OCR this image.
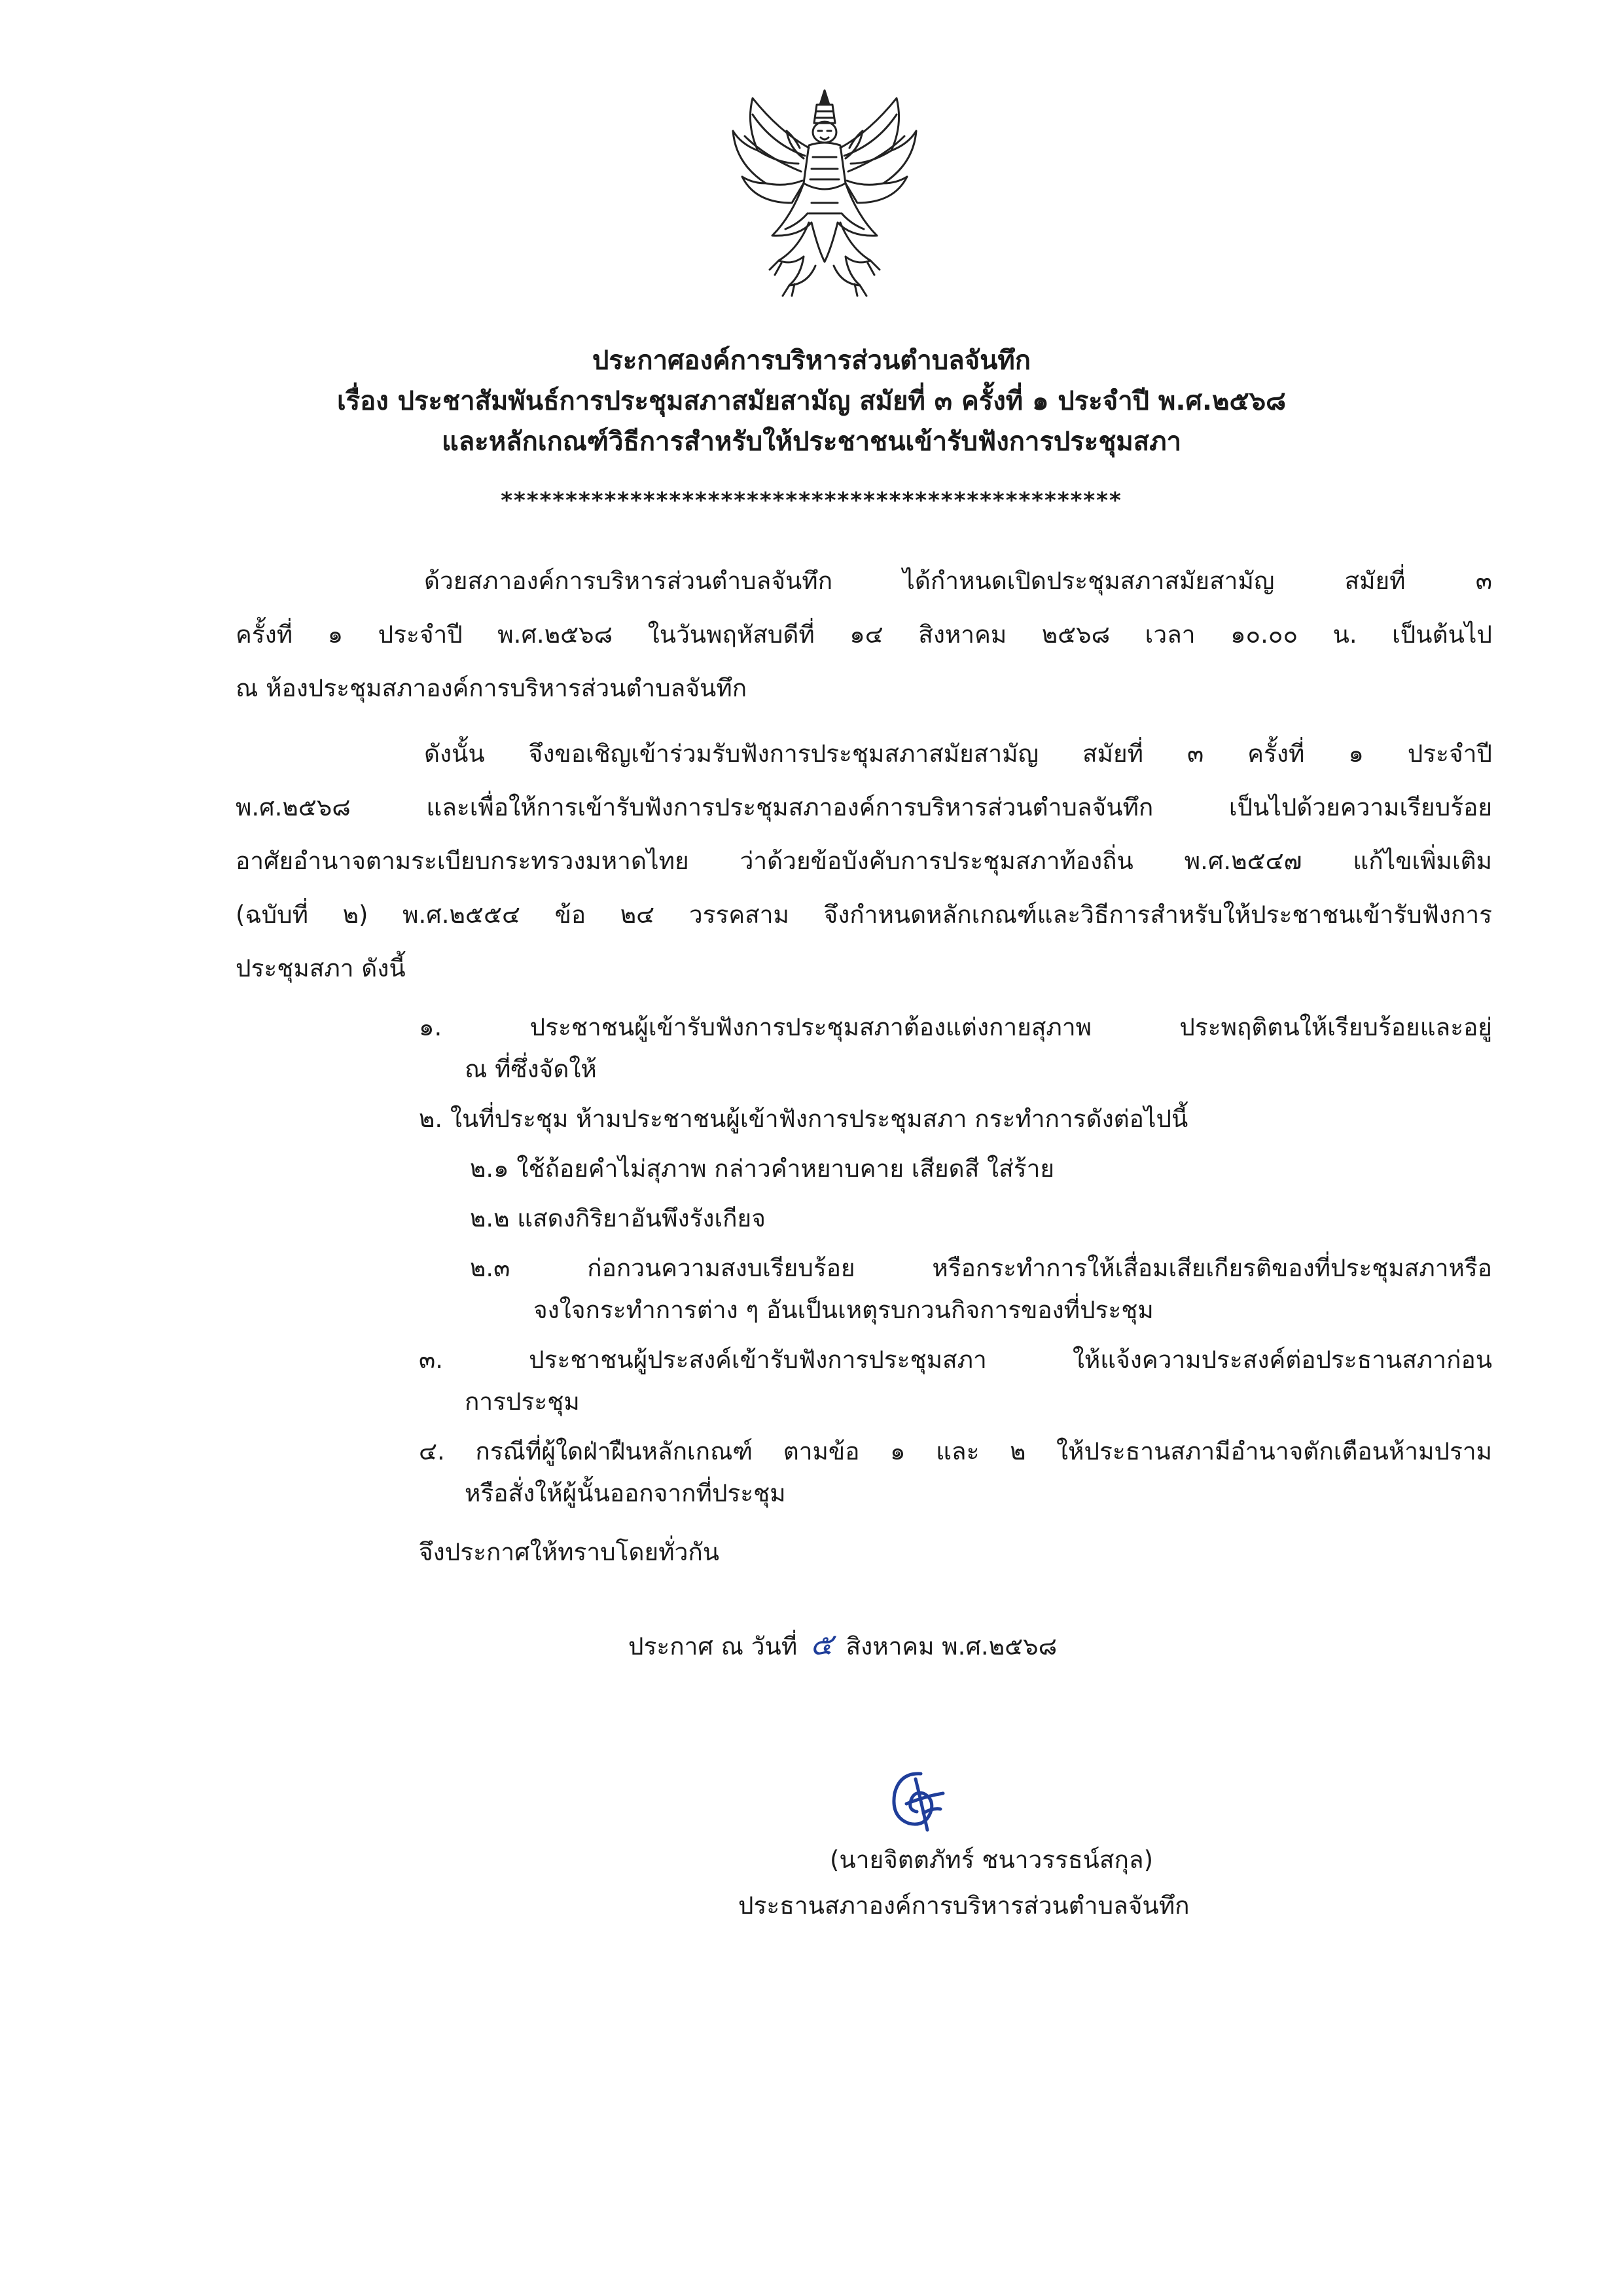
ประกาศองค์การบริหารส่วนตำบลจันทึก
เรื่อง ประชาสัมพันธ์การประชุมสภาสมัยสามัญ สมัยที่ ๓ ครั้งที่ ๑ ประจำปี พ.ศ.๒๕๖๘
และหลักเกณฑ์วิธีการสำหรับให้ประชาชนเข้ารับฟังการประชุมสภา
************************************************
ด้วยสภาองค์การบริหารส่วนตำบลจันทึก ได้กำหนดเปิดประชุมสภาสมัยสามัญ สมัยที่ ๓
ครั้งที่ ๑ ประจำปี พ.ศ.๒๕๖๘ ในวันพฤหัสบดีที่ ๑๔ สิงหาคม ๒๕๖๘ เวลา ๑๐.๐๐ น. เป็นต้นไป
ณ ห้องประชุมสภาองค์การบริหารส่วนตำบลจันทึก
ดังนั้น จึงขอเชิญเข้าร่วมรับฟังการประชุมสภาสมัยสามัญ สมัยที่ ๓ ครั้งที่ ๑ ประจำปี
พ.ศ.๒๕๖๘ และเพื่อให้การเข้ารับฟังการประชุมสภาองค์การบริหารส่วนตำบลจันทึก เป็นไปด้วยความเรียบร้อย
อาศัยอำนาจตามระเบียบกระทรวงมหาดไทย ว่าด้วยข้อบังคับการประชุมสภาท้องถิ่น พ.ศ.๒๕๔๗ แก้ไขเพิ่มเติม
(ฉบับที่ ๒) พ.ศ.๒๕๕๔ ข้อ ๒๔ วรรคสาม จึงกำหนดหลักเกณฑ์และวิธีการสำหรับให้ประชาชนเข้ารับฟังการ
ประชุมสภา ดังนี้
๑. ประชาชนผู้เข้ารับฟังการประชุมสภาต้องแต่งกายสุภาพ ประพฤติตนให้เรียบร้อยและอยู่
ณ ที่ซึ่งจัดให้
๒. ในที่ประชุม ห้ามประชาชนผู้เข้าฟังการประชุมสภา กระทำการดังต่อไปนี้
๒.๑ ใช้ถ้อยคำไม่สุภาพ กล่าวคำหยาบคาย เสียดสี ใส่ร้าย
๒.๒ แสดงกิริยาอันพึงรังเกียจ
๒.๓ ก่อกวนความสงบเรียบร้อย หรือกระทำการให้เสื่อมเสียเกียรติของที่ประชุมสภาหรือ
จงใจกระทำการต่าง ๆ อันเป็นเหตุรบกวนกิจการของที่ประชุม
๓. ประชาชนผู้ประสงค์เข้ารับฟังการประชุมสภา ให้แจ้งความประสงค์ต่อประธานสภาก่อน
การประชุม
๔. กรณีที่ผู้ใดฝ่าฝืนหลักเกณฑ์ ตามข้อ ๑ และ ๒ ให้ประธานสภามีอำนาจตักเตือนห้ามปราม
หรือสั่งให้ผู้นั้นออกจากที่ประชุม
จึงประกาศให้ทราบโดยทั่วกัน
ประกาศ ณ วันที่ ๕ สิงหาคม พ.ศ.๒๕๖๘
(นายจิตตภัทร์ ชนาวรรธน์สกุล)
ประธานสภาองค์การบริหารส่วนตำบลจันทึก
